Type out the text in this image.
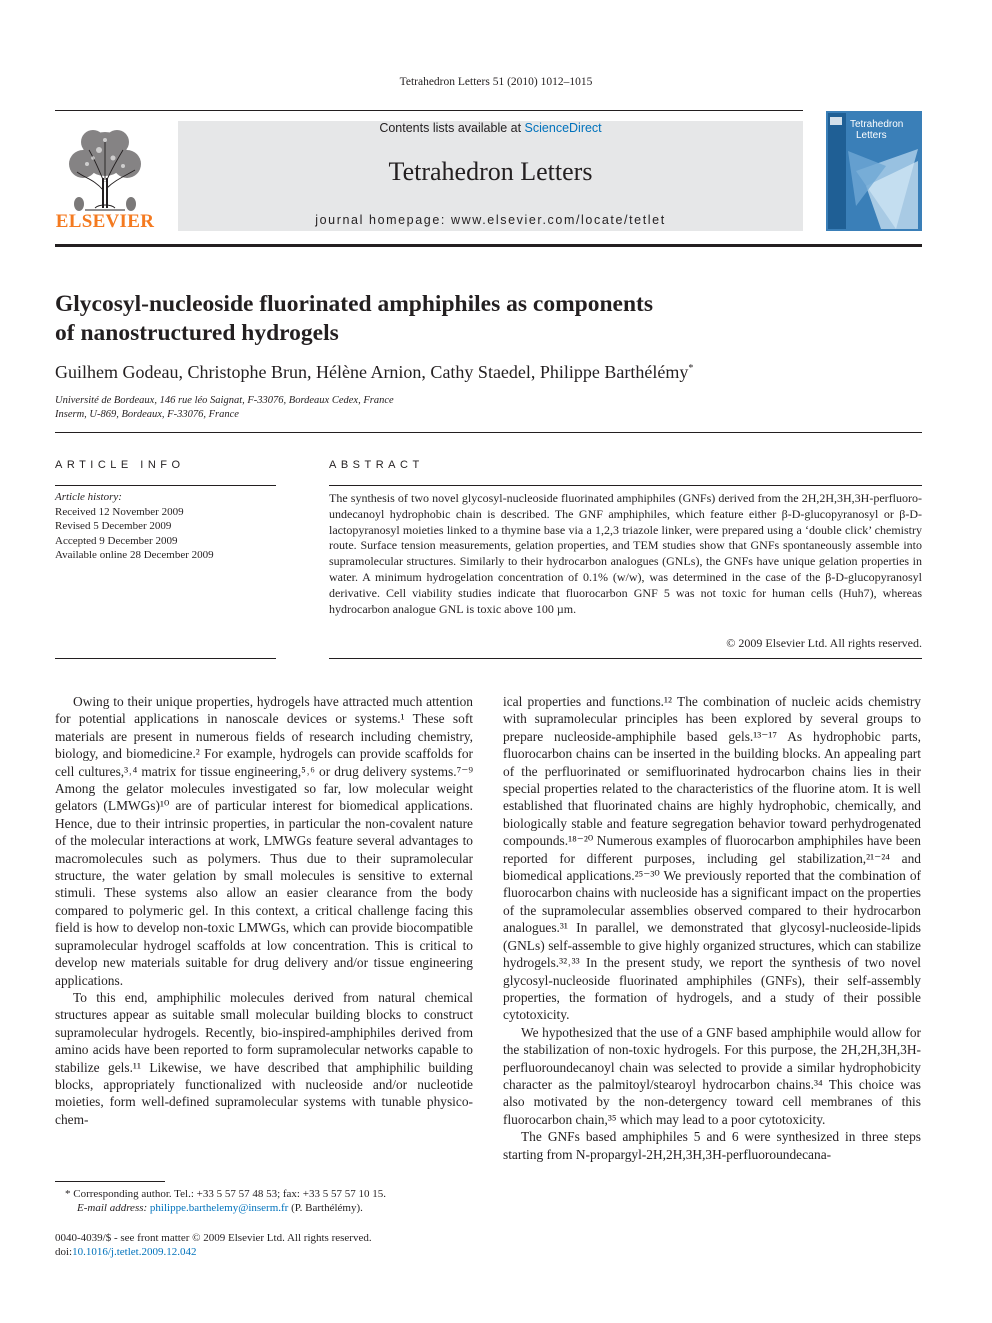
Tetrahedron Letters 51 (2010) 1012–1015
ELSEVIER
Contents lists available at ScienceDirect
Tetrahedron Letters
journal homepage: www.elsevier.com/locate/tetlet
Tetrahedron
Letters
Glycosyl-nucleoside fluorinated amphiphiles as components
of nanostructured hydrogels
Guilhem Godeau, Christophe Brun, Hélène Arnion, Cathy Staedel, Philippe Barthélémy*
Université de Bordeaux, 146 rue léo Saignat, F-33076, Bordeaux Cedex, France
Inserm, U-869, Bordeaux, F-33076, France
ARTICLE INFO	ABSTRACT
Article history:
Received 12 November 2009
Revised 5 December 2009
Accepted 9 December 2009
Available online 28 December 2009
The synthesis of two novel glycosyl-nucleoside fluorinated amphiphiles (GNFs) derived from the 2H,2H,3H,3H-perfluoro-undecanoyl hydrophobic chain is described. The GNF amphiphiles, which feature either β-D-glucopyranosyl or β-D-lactopyranosyl moieties linked to a thymine base via a 1,2,3 triazole linker, were prepared using a ‘double click’ chemistry route. Surface tension measurements, gelation properties, and TEM studies show that GNFs spontaneously assemble into supramolecular structures. Similarly to their hydrocarbon analogues (GNLs), the GNFs have unique gelation properties in water. A minimum hydrogelation concentration of 0.1% (w/w), was determined in the case of the β-D-glucopyranosyl derivative. Cell viability studies indicate that fluorocarbon GNF 5 was not toxic for human cells (Huh7), whereas hydrocarbon analogue GNL is toxic above 100 µm.
© 2009 Elsevier Ltd. All rights reserved.

Owing to their unique properties, hydrogels have attracted much attention for potential applications in nanoscale devices or systems.¹ These soft materials are present in numerous fields of research including chemistry, biology, and biomedicine.² For example, hydrogels can provide scaffolds for cell cultures,³˒⁴ matrix for tissue engineering,⁵˒⁶ or drug delivery systems.⁷⁻⁹ Among the gelator molecules investigated so far, low molecular weight gelators (LMWGs)¹⁰ are of particular interest for biomedical applications. Hence, due to their intrinsic properties, in particular the non-covalent nature of the molecular interactions at work, LMWGs feature several advantages to macromolecules such as polymers. Thus due to their supramolecular structure, the water gelation by small molecules is sensitive to external stimuli. These systems also allow an easier clearance from the body compared to polymeric gel. In this context, a critical challenge facing this field is how to develop non-toxic LMWGs, which can provide biocompatible supramolecular hydrogel scaffolds at low concentration. This is critical to develop new materials suitable for drug delivery and/or tissue engineering applications.

To this end, amphiphilic molecules derived from natural chemical structures appear as suitable small molecular building blocks to construct supramolecular hydrogels. Recently, bio-inspired-amphiphiles derived from amino acids have been reported to form supramolecular networks capable to stabilize gels.¹¹ Likewise, we have described that amphiphilic building blocks, appropriately functionalized with nucleoside and/or nucleotide moieties, form well-defined supramolecular systems with tunable physico-chem-

ical properties and functions.¹² The combination of nucleic acids chemistry with supramolecular principles has been explored by several groups to prepare nucleoside-amphiphile based gels.¹³⁻¹⁷ As hydrophobic parts, fluorocarbon chains can be inserted in the building blocks. An appealing part of the perfluorinated or semifluorinated hydrocarbon chains lies in their special properties related to the characteristics of the fluorine atom. It is well established that fluorinated chains are highly hydrophobic, chemically, and biologically stable and feature segregation behavior toward perhydrogenated compounds.¹⁸⁻²⁰ Numerous examples of fluorocarbon amphiphiles have been reported for different purposes, including gel stabilization,²¹⁻²⁴ and biomedical applications.²⁵⁻³⁰ We previously reported that the combination of fluorocarbon chains with nucleoside has a significant impact on the properties of the supramolecular assemblies observed compared to their hydrocarbon analogues.³¹ In parallel, we demonstrated that glycosyl-nucleoside-lipids (GNLs) self-assemble to give highly organized structures, which can stabilize hydrogels.³²˒³³ In the present study, we report the synthesis of two novel glycosyl-nucleoside fluorinated amphiphiles (GNFs), their self-assembly properties, the formation of hydrogels, and a study of their possible cytotoxicity.

We hypothesized that the use of a GNF based amphiphile would allow for the stabilization of non-toxic hydrogels. For this purpose, the 2H,2H,3H,3H-perfluoroundecanoyl chain was selected to provide a similar hydrophobicity character as the palmitoyl/stearoyl hydrocarbon chains.³⁴ This choice was also motivated by the non-detergency toward cell membranes of this fluorocarbon chain,³⁵ which may lead to a poor cytotoxicity.

The GNFs based amphiphiles 5 and 6 were synthesized in three steps starting from N-propargyl-2H,2H,3H,3H-perfluoroundecana-

* Corresponding author. Tel.: +33 5 57 57 48 53; fax: +33 5 57 57 10 15.
E-mail address: philippe.barthelemy@inserm.fr (P. Barthélémy).
0040-4039/$ - see front matter © 2009 Elsevier Ltd. All rights reserved.
doi:10.1016/j.tetlet.2009.12.042
